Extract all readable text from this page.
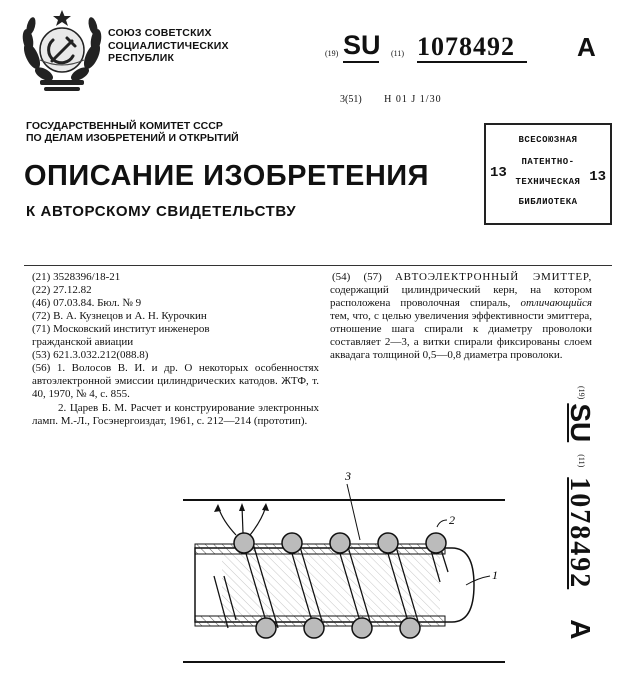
СОЮЗ СОВЕТСКИХ
СОЦИАЛИСТИЧЕСКИХ
РЕСПУБЛИК	(19) SU (11) 1078492 A
3(51) H 01 J 1/30
ГОСУДАРСТВЕННЫЙ КОМИТЕТ СССР
ПО ДЕЛАМ ИЗОБРЕТЕНИЙ И ОТКРЫТИЙ	ВСЕСОЮЗНАЯ
ПАТЕНТНО-
ТЕХНИЧЕСКАЯ
БИБЛИОТЕКА
13	13
ОПИСАНИЕ ИЗОБРЕТЕНИЯ
К АВТОРСКОМУ СВИДЕТЕЛЬСТВУ
(21) 3528396/18-21
(22) 27.12.82
(46) 07.03.84. Бюл. № 9
(72) В. А. Кузнецов и А. Н. Курочкин
(71) Московский институт инженеров
гражданской авиации
(53) 621.3.032.212(088.8)
(56) 1. Волосов В. И. и др. О некоторых особенностях автоэлектронной эмиссии цилиндрических катодов. ЖТФ, т. 40, 1970, № 4, с. 855.
2. Царев Б. М. Расчет и конструирование электронных ламп. М.-Л., Госэнергоиздат, 1961, с. 212—214 (прототип).
(54) (57) АВТОЭЛЕКТРОННЫЙ ЭМИТТЕР, содержащий цилиндрический керн, на котором расположена проволочная спираль, отличающийся тем, что, с целью увеличения эффективности эмиттера, отношение шага спирали к диаметру проволоки составляет 2—3, а витки спирали фиксированы слоем аквадага толщиной 0,5—0,8 диаметра проволоки.
$^{(19)}$ SU $^{(11)}$ 1078492 A
3
2
1
